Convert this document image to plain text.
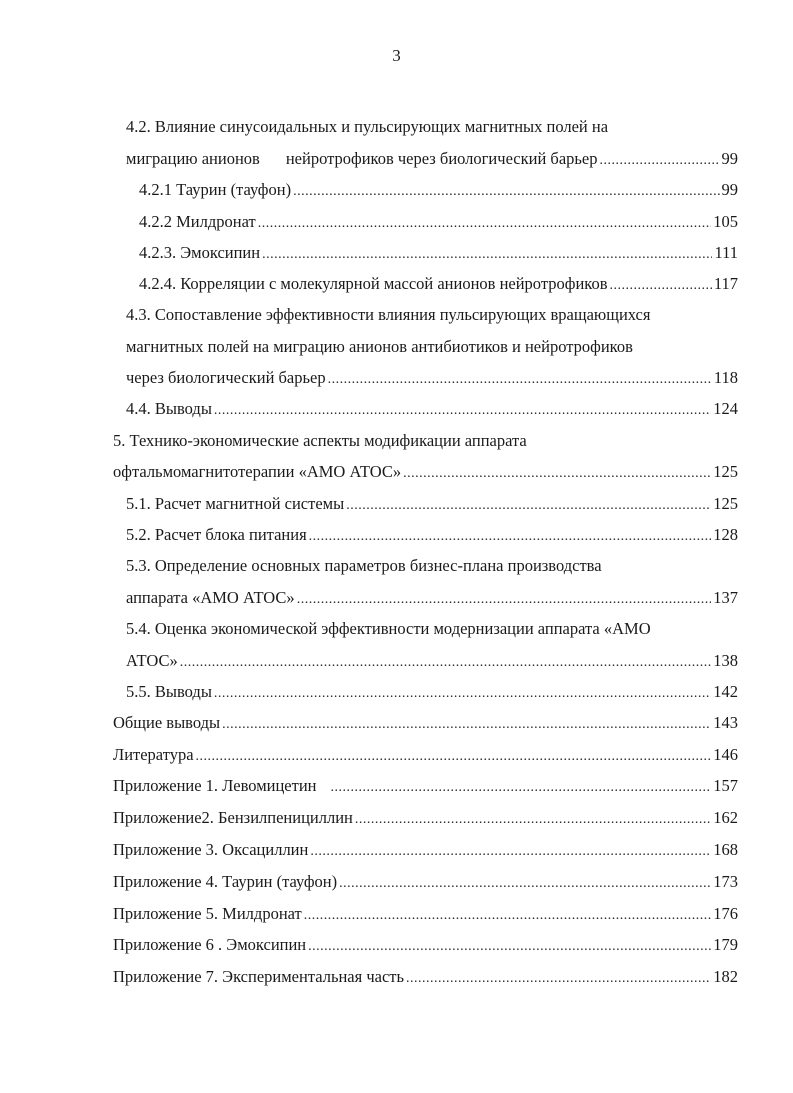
3
4.2. Влияние синусоидальных и пульсирующих магнитных полей на
миграцию анионов нейротрофиков через биологический барьер .....	99
4.2.1 Таурин (тауфон) .....	99
4.2.2 Милдронат .....	105
4.2.3. Эмоксипин .....	111
4.2.4. Корреляции с молекулярной массой анионов нейротрофиков .....	117
4.3. Сопоставление эффективности влияния пульсирующих вращающихся
магнитных полей на миграцию анионов антибиотиков и нейротрофиков
через биологический барьер .....	118
4.4. Выводы .....	124
5. Технико-экономические аспекты модификации аппарата
офтальмомагнитотерапии «АМО АТОС» .....	125
5.1. Расчет магнитной системы .....	125
5.2. Расчет блока питания .....	128
5.3. Определение основных параметров бизнес-плана производства
аппарата «АМО АТОС» .....	137
5.4. Оценка экономической эффективности модернизации аппарата «АМО
АТОС» .....	138
5.5. Выводы .....	142
Общие выводы .....	143
Литература .....	146
Приложение 1. Левомицетин .....	157
Приложение2. Бензилпенициллин .....	162
Приложение 3. Оксациллин .....	168
Приложение 4. Таурин (тауфон) .....	173
Приложение 5. Милдронат .....	176
Приложение 6 . Эмоксипин .....	179
Приложение 7. Экспериментальная часть .....	182
